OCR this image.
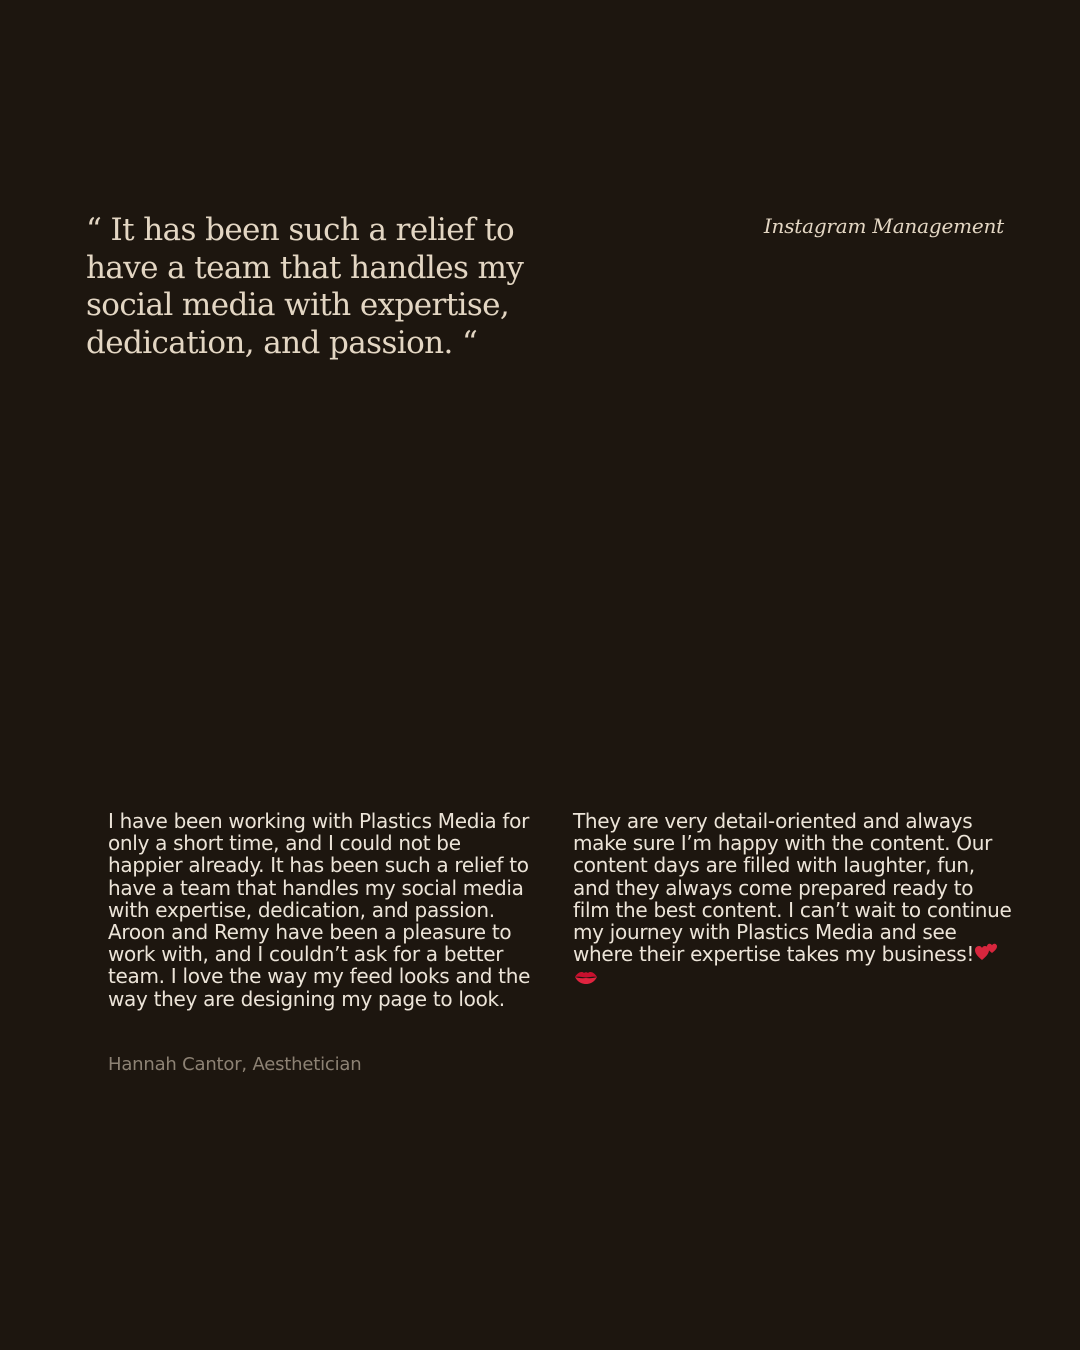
“ It has been such a relief to have a team that handles my social media with expertise, dedication, and passion. “

Instagram Management

I have been working with Plastics Media for only a short time, and I could not be happier already. It has been such a relief to have a team that handles my social media with expertise, dedication, and passion. Aroon and Remy have been a pleasure to work with, and I couldn’t ask for a better team. I love the way my feed looks and the way they are designing my page to look.

They are very detail-oriented and always make sure I’m happy with the content. Our content days are filled with laughter, fun, and they always come prepared ready to film the best content. I can’t wait to continue my journey with Plastics Media and see where their expertise takes my business!

Hannah Cantor, Aesthetician
